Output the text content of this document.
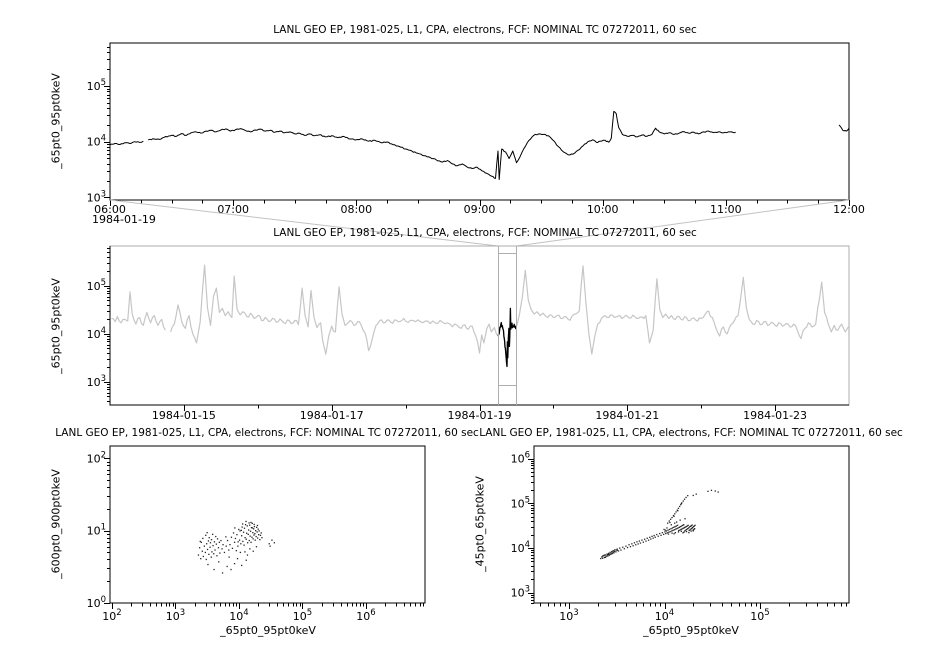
06:00	07:00	08:00	09:00	10:00	11:00	12:00
$10^3$
$10^4$
$10^5$
1984-01-15	1984-01-17	1984-01-19	1984-01-21	1984-01-23
$10^3$
$10^4$
$10^5$
$10^2$	$10^3$	$10^4$	$10^5$	$10^6$
$10^0$
$10^1$
$10^2$
$10^3$	$10^4$	$10^5$
$10^3$
$10^4$
$10^5$
$10^6$
LANL GEO EP, 1981-025, L1, CPA, electrons, FCF: NOMINAL TC 07272011, 60 sec
LANL GEO EP, 1981-025, L1, CPA, electrons, FCF: NOMINAL TC 07272011, 60 sec
LANL GEO EP, 1981-025, L1, CPA, electrons, FCF: NOMINAL TC 07272011, 60 sec LANL GEO EP, 1981-025, L1, CPA, electrons, FCF: NOMINAL TC 07272011, 60 sec
_65pt0_95pt0keV
_65pt0_95pt0keV
_600pt0_900pt0keV	_45pt0_65pt0keV
_65pt0_95pt0keV	_65pt0_95pt0keV
1984-01-19
